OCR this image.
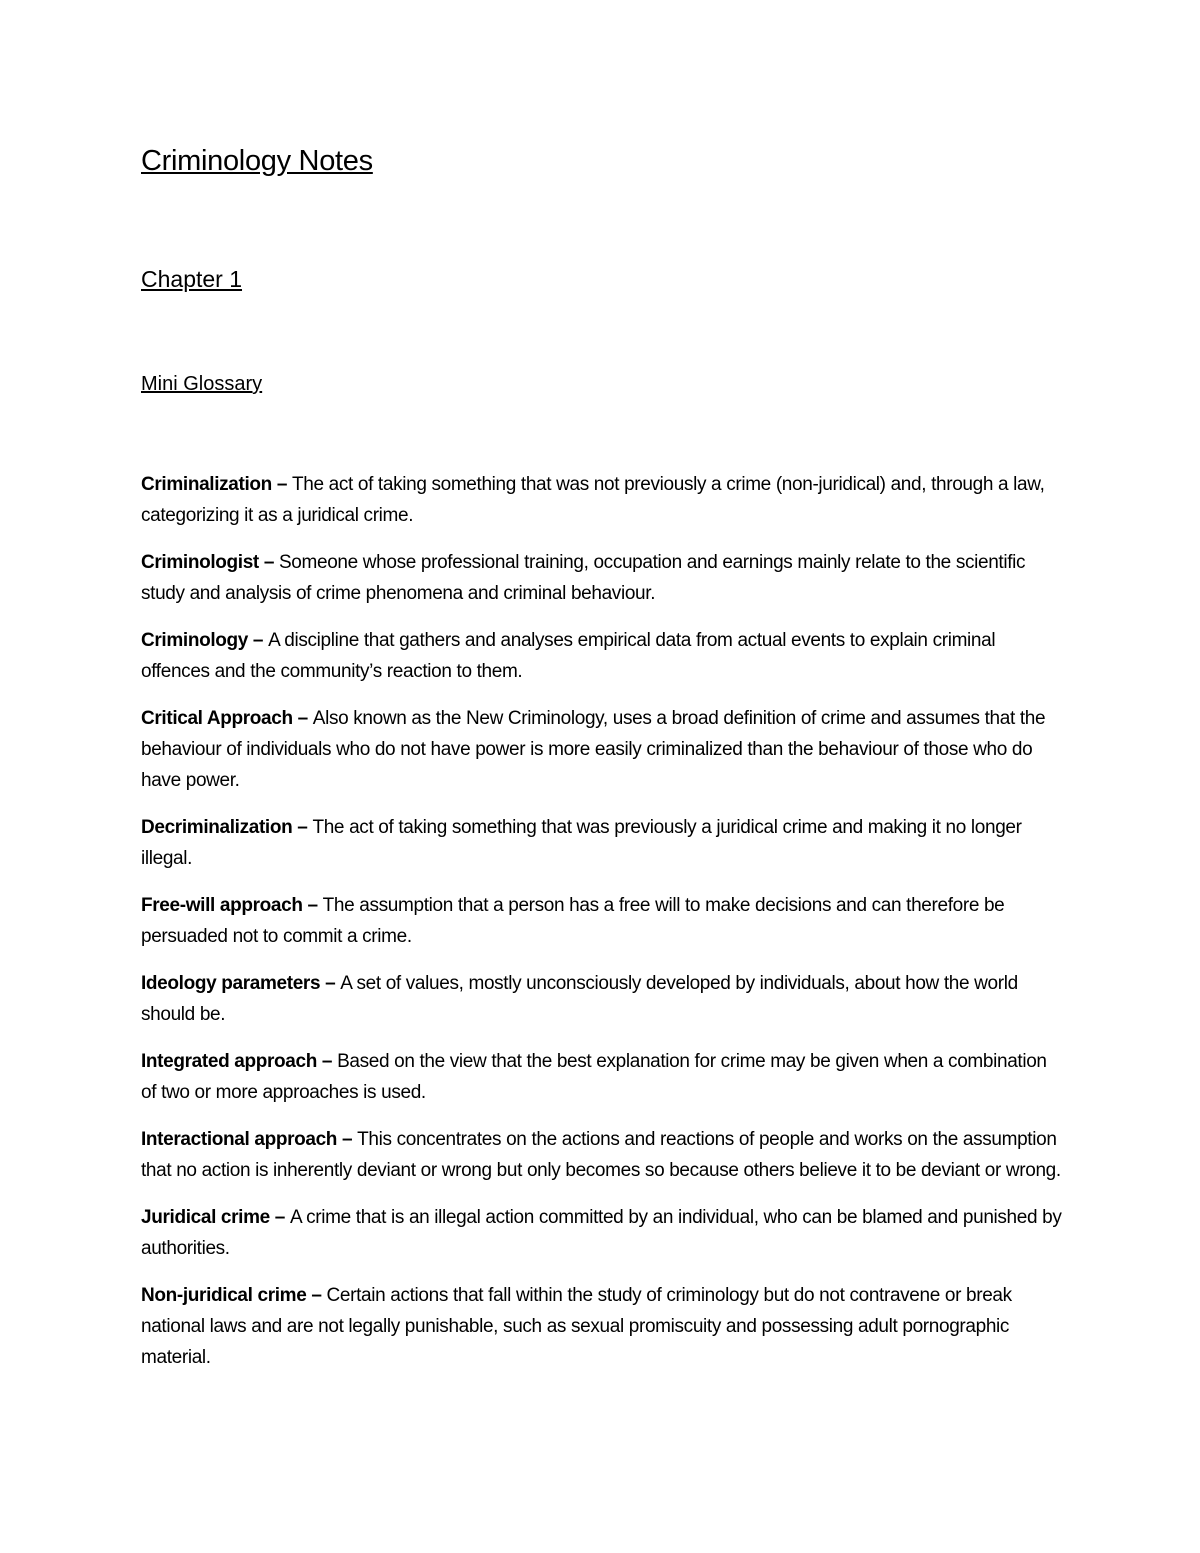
Criminology Notes
Chapter 1
Mini Glossary
Criminalization – The act of taking something that was not previously a crime (non-juridical) and, through a law, categorizing it as a juridical crime.
Criminologist – Someone whose professional training, occupation and earnings mainly relate to the scientific study and analysis of crime phenomena and criminal behaviour.
Criminology – A discipline that gathers and analyses empirical data from actual events to explain criminal offences and the community’s reaction to them.
Critical Approach – Also known as the New Criminology, uses a broad definition of crime and assumes that the behaviour of individuals who do not have power is more easily criminalized than the behaviour of those who do have power.
Decriminalization – The act of taking something that was previously a juridical crime and making it no longer illegal.
Free-will approach – The assumption that a person has a free will to make decisions and can therefore be persuaded not to commit a crime.
Ideology parameters – A set of values, mostly unconsciously developed by individuals, about how the world should be.
Integrated approach – Based on the view that the best explanation for crime may be given when a combination of two or more approaches is used.
Interactional approach – This concentrates on the actions and reactions of people and works on the assumption that no action is inherently deviant or wrong but only becomes so because others believe it to be deviant or wrong.
Juridical crime – A crime that is an illegal action committed by an individual, who can be blamed and punished by authorities.
Non-juridical crime – Certain actions that fall within the study of criminology but do not contravene or break national laws and are not legally punishable, such as sexual promiscuity and possessing adult pornographic material.
